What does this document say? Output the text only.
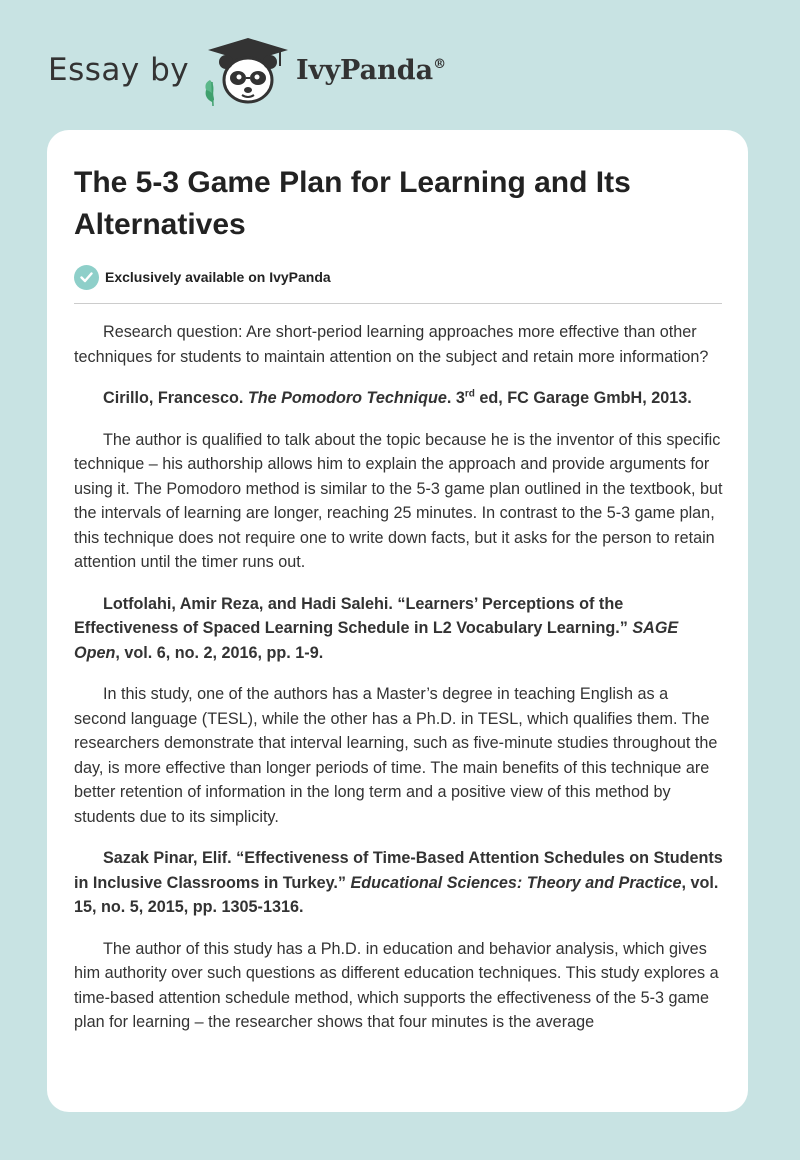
Essay by	IvyPanda®
The 5-3 Game Plan for Learning and Its Alternatives
Exclusively available on IvyPanda

Research question: Are short-period learning approaches more effective than other techniques for students to maintain attention on the subject and retain more information?

Cirillo, Francesco. The Pomodoro Technique. 3rd ed, FC Garage GmbH, 2013.

The author is qualified to talk about the topic because he is the inventor of this specific technique – his authorship allows him to explain the approach and provide arguments for using it. The Pomodoro method is similar to the 5-3 game plan outlined in the textbook, but the intervals of learning are longer, reaching 25 minutes. In contrast to the 5-3 game plan, this technique does not require one to write down facts, but it asks for the person to retain attention until the timer runs out.

Lotfolahi, Amir Reza, and Hadi Salehi. “Learners’ Perceptions of the Effectiveness of Spaced Learning Schedule in L2 Vocabulary Learning.” SAGE Open, vol. 6, no. 2, 2016, pp. 1-9.

In this study, one of the authors has a Master’s degree in teaching English as a second language (TESL), while the other has a Ph.D. in TESL, which qualifies them. The researchers demonstrate that interval learning, such as five-minute studies throughout the day, is more effective than longer periods of time. The main benefits of this technique are better retention of information in the long term and a positive view of this method by students due to its simplicity.

Sazak Pinar, Elif. “Effectiveness of Time-Based Attention Schedules on Students in Inclusive Classrooms in Turkey.” Educational Sciences: Theory and Practice, vol. 15, no. 5, 2015, pp. 1305-1316.

The author of this study has a Ph.D. in education and behavior analysis, which gives him authority over such questions as different education techniques. This study explores a time-based attention schedule method, which supports the effectiveness of the 5-3 game plan for learning – the researcher shows that four minutes is the average
